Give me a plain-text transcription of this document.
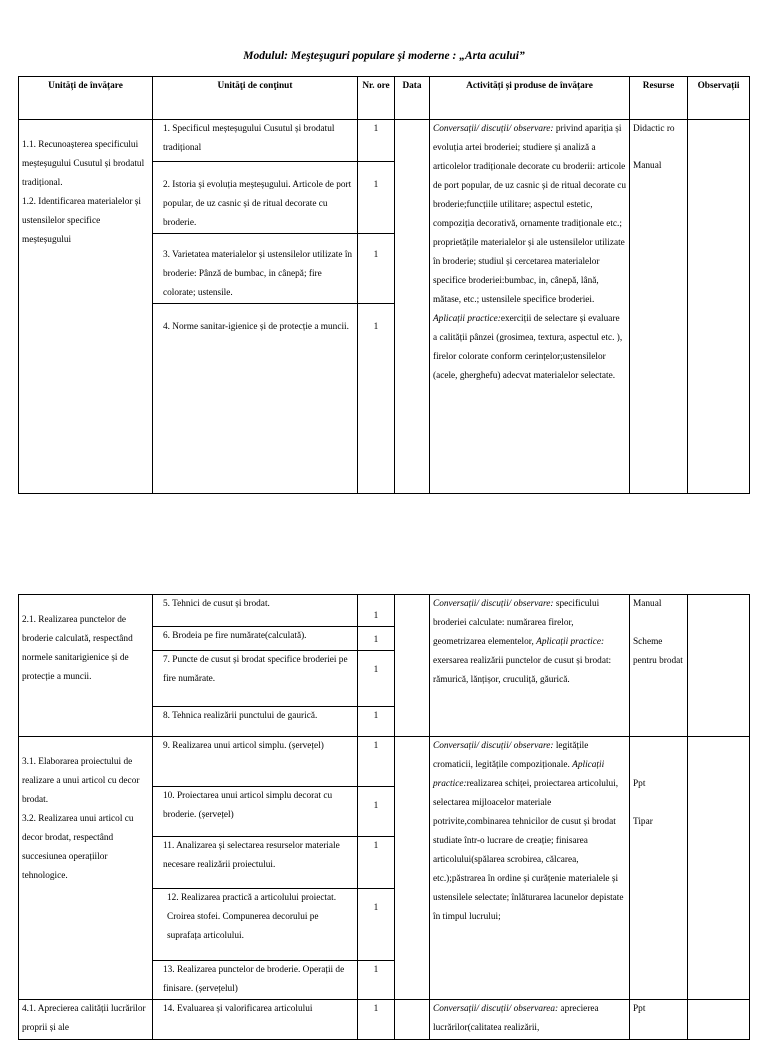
Modulul: Meşteşuguri populare şi moderne : „Arta acului”
Unități de învățare	Unităţi de conţinut	Nr. ore	Data	Activități și produse de învățare	Resurse	Observații
1.1. Recunoașterea specificului meșteșugului Cusutul și brodatul tradițional.
1.2. Identificarea materialelor și ustensilelor specifice meșteșugului	1. Specificul meșteșugului Cusutul și brodatul tradițional	1		Conversații/ discuții/ observare: privind apariția și evoluția artei broderiei; studiere și analiză a articolelor tradiționale decorate cu broderii: articole de port popular, de uz casnic și de ritual decorate cu broderie;funcțiile utilitare; aspectul estetic, compoziția decorativă, ornamente tradiționale etc.; proprietățile materialelor și ale ustensilelor utilizate în broderie; studiul și cercetarea materialelor specifice broderiei:bumbac, in, cânepă, lână, mătase, etc.; ustensilele specifice broderiei. Aplicații practice:exerciții de selectare și evaluare a calității pânzei (grosimea, textura, aspectul etc. ), firelor colorate conform cerințelor;ustensilelor (acele, gherghefu) adecvat materialelor selectate.	Didactic ro
Manual	

	2. Istoria și evoluția meșteșugului. Articole de port popular, de uz casnic și de ritual decorate cu broderie.	1				
	3. Varietatea materialelor și ustensilelor utilizate în broderie: Pânză de bumbac, in cânepă; fire colorate; ustensile.	1				
	4. Norme sanitar-igienice și de protecție a muncii.	1				
2.1. Realizarea punctelor de broderie calculată, respectând normele sanitarigienice și de protecție a muncii.	5. Tehnici de cusut și brodat.	1		Conversații/ discuții/ observare: specificului broderiei calculate: numărarea firelor, geometrizarea elementelor, Aplicații practice: exersarea realizării punctelor de cusut și brodat: rămurică, lănțișor, cruculiță, găurică.	Manual
Scheme pentru brodat	

	6. Brodeia pe fire numărate(calculată).	1				
	7. Puncte de cusut și brodat specifice broderiei pe fire numărate.	1				
	8. Tehnica realizării punctului de gaurică.	1				
3.1. Elaborarea proiectului de realizare a unui articol cu decor brodat.
3.2. Realizarea unui articol cu decor brodat, respectând succesiunea operațiilor tehnologice.	9. Realizarea unui articol simplu. (șervețel)	1		Conversații/ discuții/ observare: legitățile cromaticii, legitățile compoziționale. Aplicații practice:realizarea schiței, proiectarea articolului, selectarea mijloacelor materiale potrivite,combinarea tehnicilor de cusut și brodat studiate într-o lucrare de creație; finisarea articolului(spălarea scrobirea, călcarea, etc.);păstrarea în ordine și curățenie materialele și ustensilele selectate; înlăturarea lacunelor depistate în timpul lucrului;	Ppt
Tipar	

	10. Proiectarea unui articol simplu decorat cu broderie. (șervețel)	1				
	11. Analizarea și selectarea resurselor materiale necesare realizării proiectului.	1				
	12. Realizarea practică a articolului proiectat. Croirea stofei. Compunerea decorului pe suprafața articolului.	1				
	13. Realizarea punctelor de broderie. Operații de finisare. (șervețelul)	1				
4.1. Aprecierea calității lucrărilor proprii și ale	14. Evaluarea și valorificarea articolului	1		Conversații/ discuții/ observarea: aprecierea lucrărilor(calitatea realizării,	Ppt	
